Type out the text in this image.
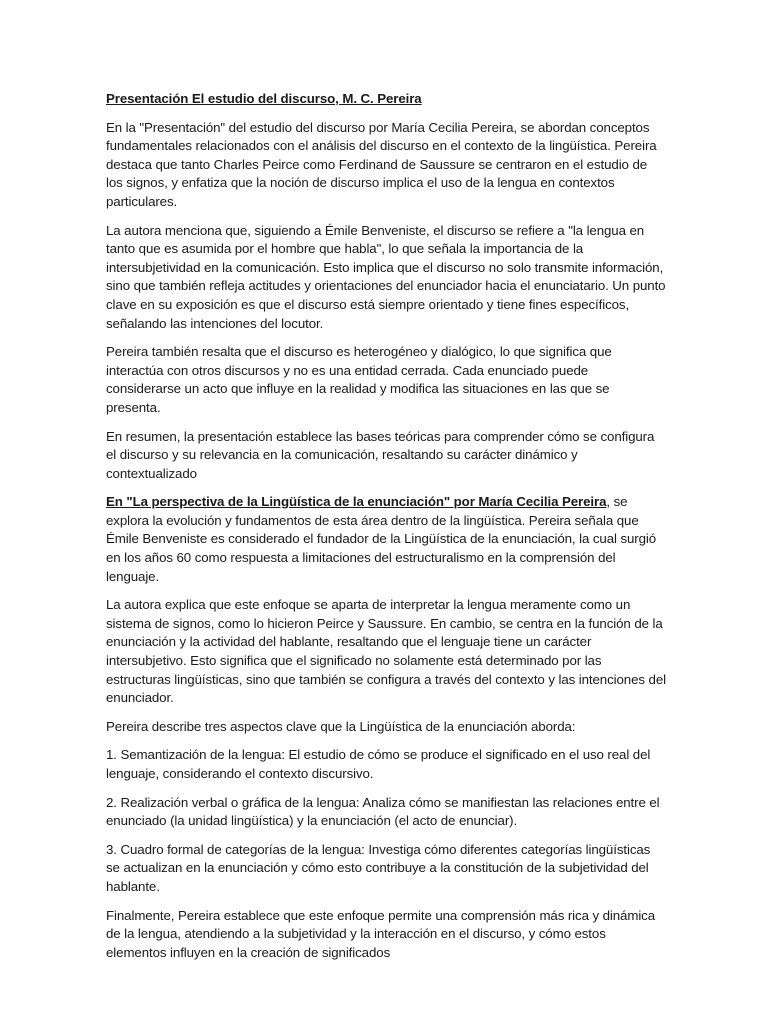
Presentación El estudio del discurso, M. C. Pereira

En la "Presentación" del estudio del discurso por María Cecilia Pereira, se abordan conceptos fundamentales relacionados con el análisis del discurso en el contexto de la lingüística. Pereira destaca que tanto Charles Peirce como Ferdinand de Saussure se centraron en el estudio de los signos, y enfatiza que la noción de discurso implica el uso de la lengua en contextos particulares.

La autora menciona que, siguiendo a Émile Benveniste, el discurso se refiere a "la lengua en tanto que es asumida por el hombre que habla", lo que señala la importancia de la intersubjetividad en la comunicación. Esto implica que el discurso no solo transmite información, sino que también refleja actitudes y orientaciones del enunciador hacia el enunciatario. Un punto clave en su exposición es que el discurso está siempre orientado y tiene fines específicos, señalando las intenciones del locutor.

Pereira también resalta que el discurso es heterogéneo y dialógico, lo que significa que interactúa con otros discursos y no es una entidad cerrada. Cada enunciado puede considerarse un acto que influye en la realidad y modifica las situaciones en las que se presenta.

En resumen, la presentación establece las bases teóricas para comprender cómo se configura el discurso y su relevancia en la comunicación, resaltando su carácter dinámico y contextualizado

En "La perspectiva de la Lingüística de la enunciación" por María Cecilia Pereira, se explora la evolución y fundamentos de esta área dentro de la lingüística. Pereira señala que Émile Benveniste es considerado el fundador de la Lingüística de la enunciación, la cual surgió en los años 60 como respuesta a limitaciones del estructuralismo en la comprensión del lenguaje.

La autora explica que este enfoque se aparta de interpretar la lengua meramente como un sistema de signos, como lo hicieron Peirce y Saussure. En cambio, se centra en la función de la enunciación y la actividad del hablante, resaltando que el lenguaje tiene un carácter intersubjetivo. Esto significa que el significado no solamente está determinado por las estructuras lingüísticas, sino que también se configura a través del contexto y las intenciones del enunciador.

Pereira describe tres aspectos clave que la Lingüística de la enunciación aborda:

1. Semantización de la lengua: El estudio de cómo se produce el significado en el uso real del lenguaje, considerando el contexto discursivo.

2. Realización verbal o gráfica de la lengua: Analiza cómo se manifiestan las relaciones entre el enunciado (la unidad lingüística) y la enunciación (el acto de enunciar).

3. Cuadro formal de categorías de la lengua: Investiga cómo diferentes categorías lingüísticas se actualizan en la enunciación y cómo esto contribuye a la constitución de la subjetividad del hablante.

Finalmente, Pereira establece que este enfoque permite una comprensión más rica y dinámica de la lengua, atendiendo a la subjetividad y la interacción en el discurso, y cómo estos elementos influyen en la creación de significados
